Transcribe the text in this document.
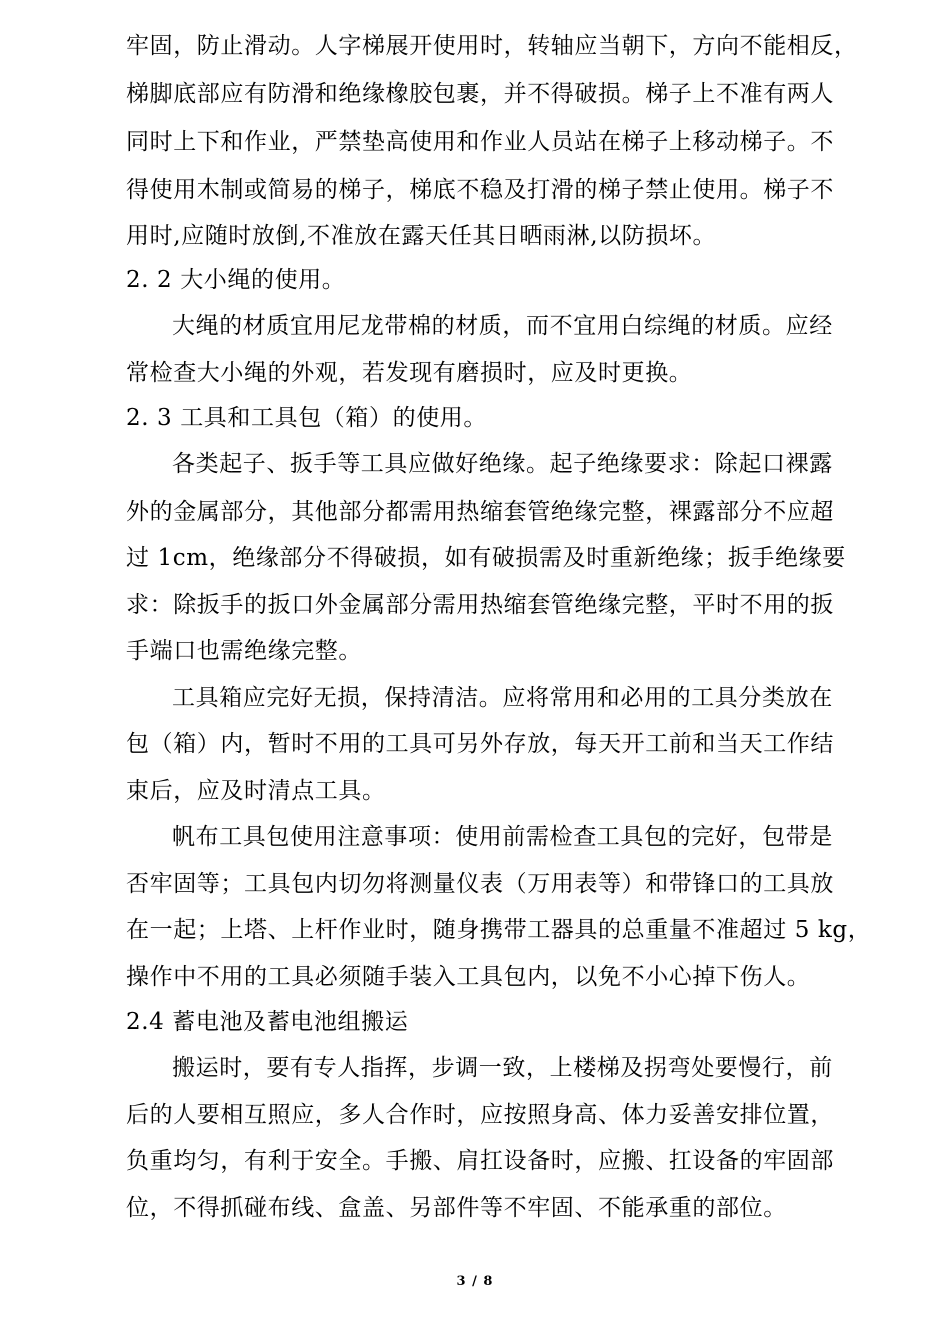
牢固，防止滑动。人字梯展开使用时，转轴应当朝下，方向不能相反，
梯脚底部应有防滑和绝缘橡胶包裹，并不得破损。梯子上不准有两人
同时上下和作业，严禁垫高使用和作业人员站在梯子上移动梯子。不
得使用木制或简易的梯子，梯底不稳及打滑的梯子禁止使用。梯子不
用时,应随时放倒,不准放在露天任其日晒雨淋,以防损坏。
2. 2 大小绳的使用。
大绳的材质宜用尼龙带棉的材质，而不宜用白综绳的材质。应经
常检查大小绳的外观，若发现有磨损时，应及时更换。
2. 3 工具和工具包（箱）的使用。
各类起子、扳手等工具应做好绝缘。起子绝缘要求：除起口裸露
外的金属部分，其他部分都需用热缩套管绝缘完整，裸露部分不应超
过 1cm，绝缘部分不得破损，如有破损需及时重新绝缘；扳手绝缘要
求：除扳手的扳口外金属部分需用热缩套管绝缘完整，平时不用的扳
手端口也需绝缘完整。
工具箱应完好无损，保持清洁。应将常用和必用的工具分类放在
包（箱）内，暂时不用的工具可另外存放，每天开工前和当天工作结
束后，应及时清点工具。
帆布工具包使用注意事项：使用前需检查工具包的完好，包带是
否牢固等；工具包内切勿将测量仪表（万用表等）和带锋口的工具放
在一起；上塔、上杆作业时，随身携带工器具的总重量不准超过 5 kg，
操作中不用的工具必须随手装入工具包内，以免不小心掉下伤人。
2.4 蓄电池及蓄电池组搬运
搬运时，要有专人指挥，步调一致，上楼梯及拐弯处要慢行，前
后的人要相互照应，多人合作时，应按照身高、体力妥善安排位置，
负重均匀，有利于安全。手搬、肩扛设备时，应搬、扛设备的牢固部
位，不得抓碰布线、盒盖、另部件等不牢固、不能承重的部位。
3 / 8
